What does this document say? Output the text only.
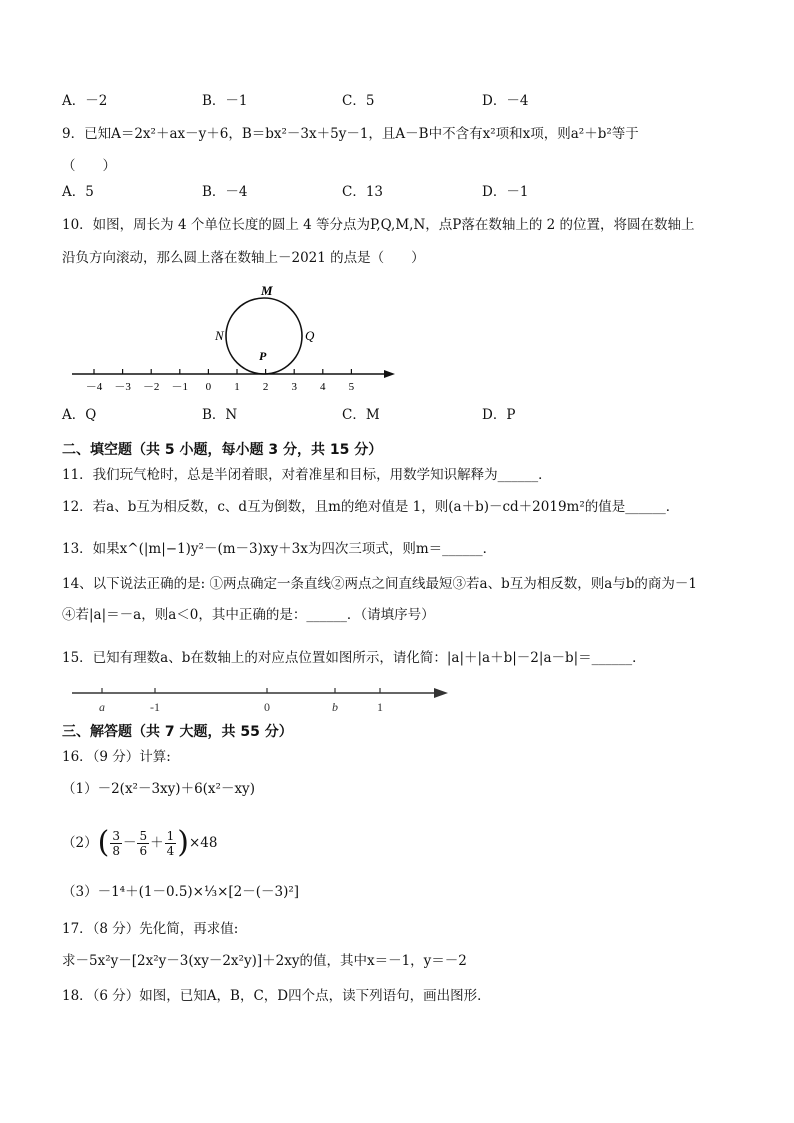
A．－2	B．－1	C．5	D．－4
9．已知A＝2x²＋ax－y＋6，B＝bx²－3x＋5y－1，且A－B中不含有x²项和x项，则a²＋b²等于
（　　）
A．5	B．－4	C．13	D．－1
10．如图，周长为 4 个单位长度的圆上 4 等分点为P,Q,M,N，点P落在数轴上的 2 的位置，将圆在数轴上
沿负方向滚动，那么圆上落在数轴上－2021 的点是（　　）
－4 －3 －2 －1 0 1 2 3 4 5
M
N	Q
P
A．Q	B．N	C．M	D．P
二、填空题（共 5 小题，每小题 3 分，共 15 分）
11．我们玩气枪时，总是半闭着眼，对着准星和目标，用数学知识解释为______．
12．若a、b互为相反数，c、d互为倒数，且m的绝对值是 1，则(a＋b)－cd＋2019m²的值是______．
13．如果x^(|m|−1)y²－(m－3)xy＋3x为四次三项式，则m＝______．
14、以下说法正确的是: ①两点确定一条直线②两点之间直线最短③若a、b互为相反数，则a与b的商为－1
④若|a|＝－a，则a＜0，其中正确的是：______．（请填序号）
15．已知有理数a、b在数轴上的对应点位置如图所示，请化简：|a|＋|a＋b|－2|a－b|＝______．
a	-1	0	b	1
三、解答题（共 7 大题，共 55 分）
16．（9 分）计算:
（1）－2(x²－3xy)＋6(x²－xy)
（2） ( $\frac{3}{8} - \frac{5}{6} + \frac{1}{4}$ ) ×48
（3）－1⁴＋(1－0.5)×⅓×[2－(－3)²]
17．（8 分）先化简，再求值:
求－5x²y－[2x²y－3(xy－2x²y)]＋2xy的值，其中x＝－1，y＝－2
18．（6 分）如图，已知A，B，C，D四个点，读下列语句，画出图形．
